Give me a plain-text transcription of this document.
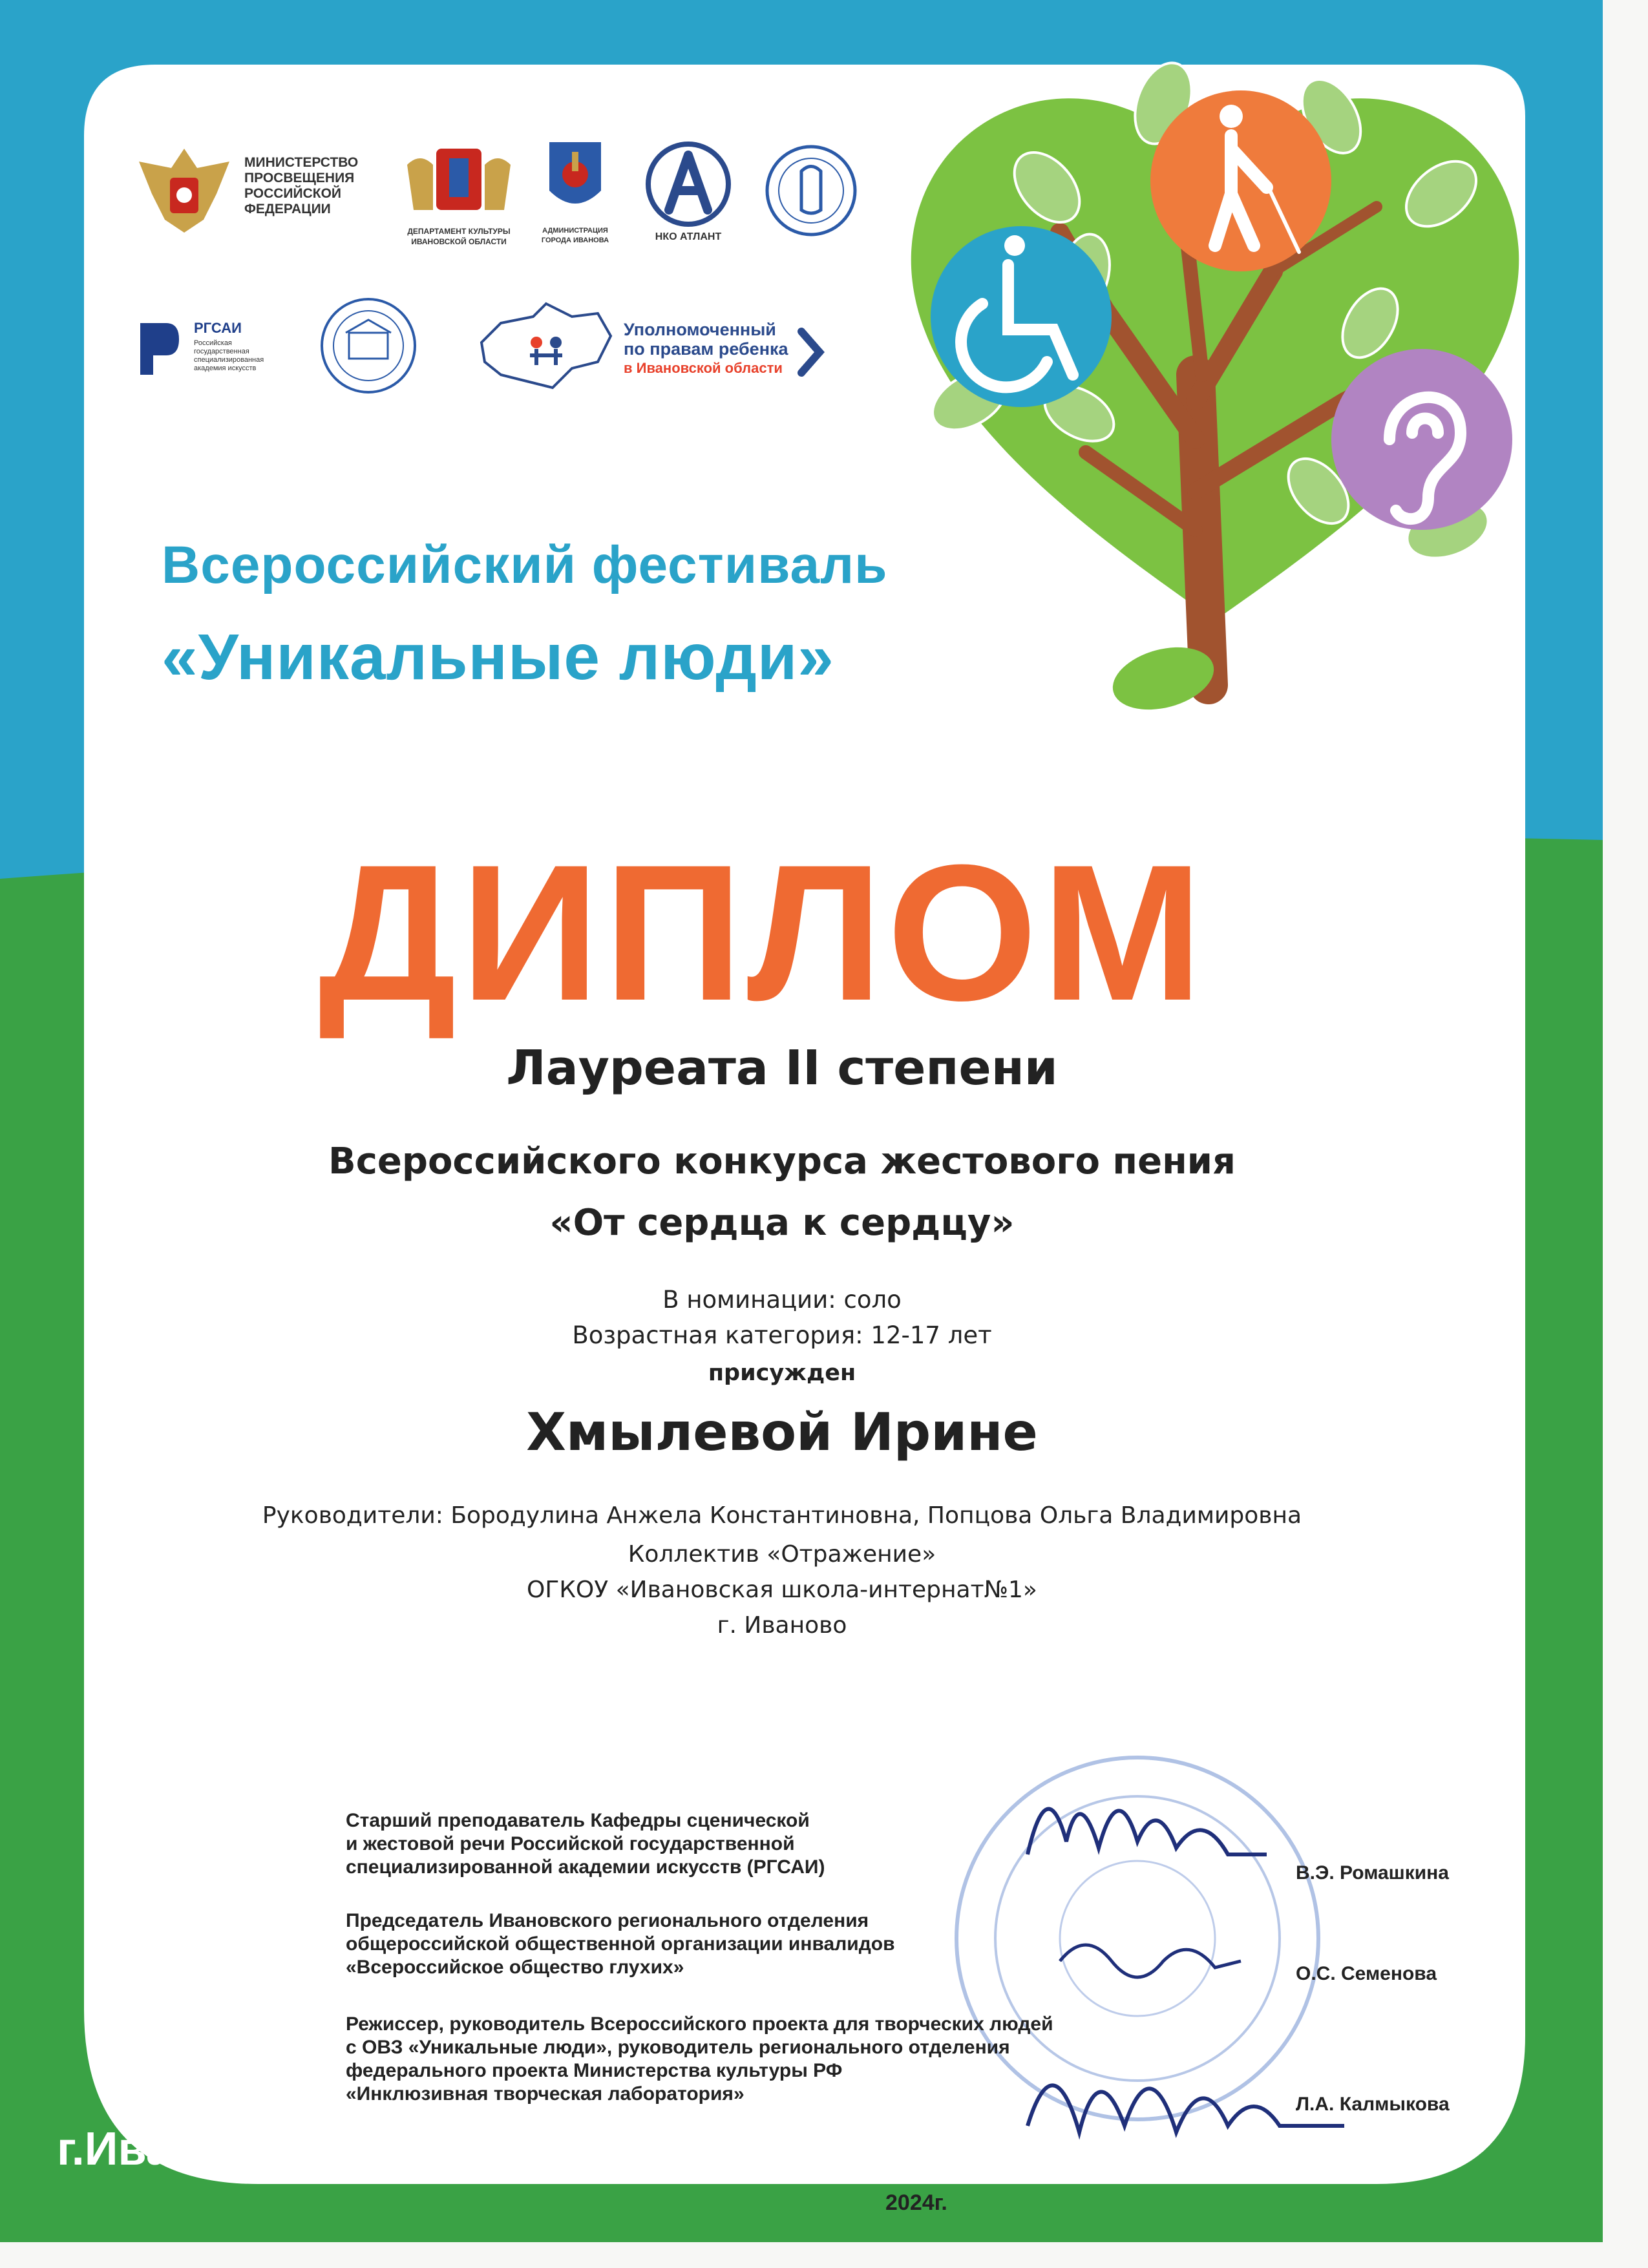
МИНИСТЕРСТВО
ПРОСВЕЩЕНИЯ
РОССИЙСКОЙ
ФЕДЕРАЦИИ
ДЕПАРТАМЕНТ КУЛЬТУРЫ
ИВАНОВСКОЙ ОБЛАСТИ
АДМИНИСТРАЦИЯ
ГОРОДА ИВАНОВА	НКО АТЛАНТ
РГСАИ
Российская
государственная
специализированная
академия искусств
Уполномоченный
по правам ребенка
в Ивановской области
Всероссийский фестиваль
«Уникальные люди»
ДИПЛОМ
Лауреата II степени
Всероссийского конкурса жестового пения
«От сердца к сердцу»
В номинации: соло
Возрастная категория: 12-17 лет
присужден
Хмылевой Ирине
Руководители: Бородулина Анжела Константиновна, Попцова Ольга Владимировна
Коллектив «Отражение»
ОГКОУ «Ивановская школа-интернат№1»
г. Иваново
Старший преподаватель Кафедры сценической
и жестовой речи Российской государственной
специализированной академии искусств (РГСАИ)	В.Э. Ромашкина
Председатель Ивановского регионального отделения
общероссийской общественной организации инвалидов
«Всероссийское общество глухих»	О.С. Семенова
Режиссер, руководитель Всероссийского проекта для творческих людей
с ОВЗ «Уникальные люди», руководитель регионального отделения
федерального проекта Министерства культуры РФ
«Инклюзивная творческая лаборатория»	Л.А. Калмыкова
г.Иваново
2024г.
